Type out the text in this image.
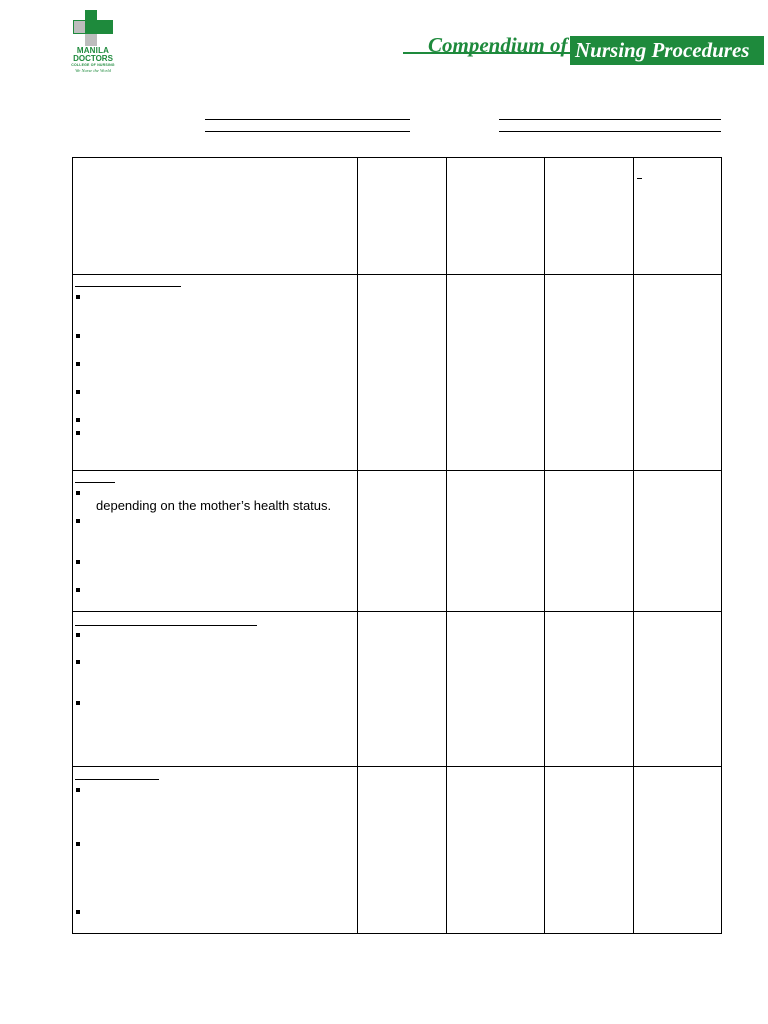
MANILA
DOCTORS
COLLEGE OF NURSING
We Nurse the World
Compendium of Nursing Procedures
depending on the mother’s health status.
